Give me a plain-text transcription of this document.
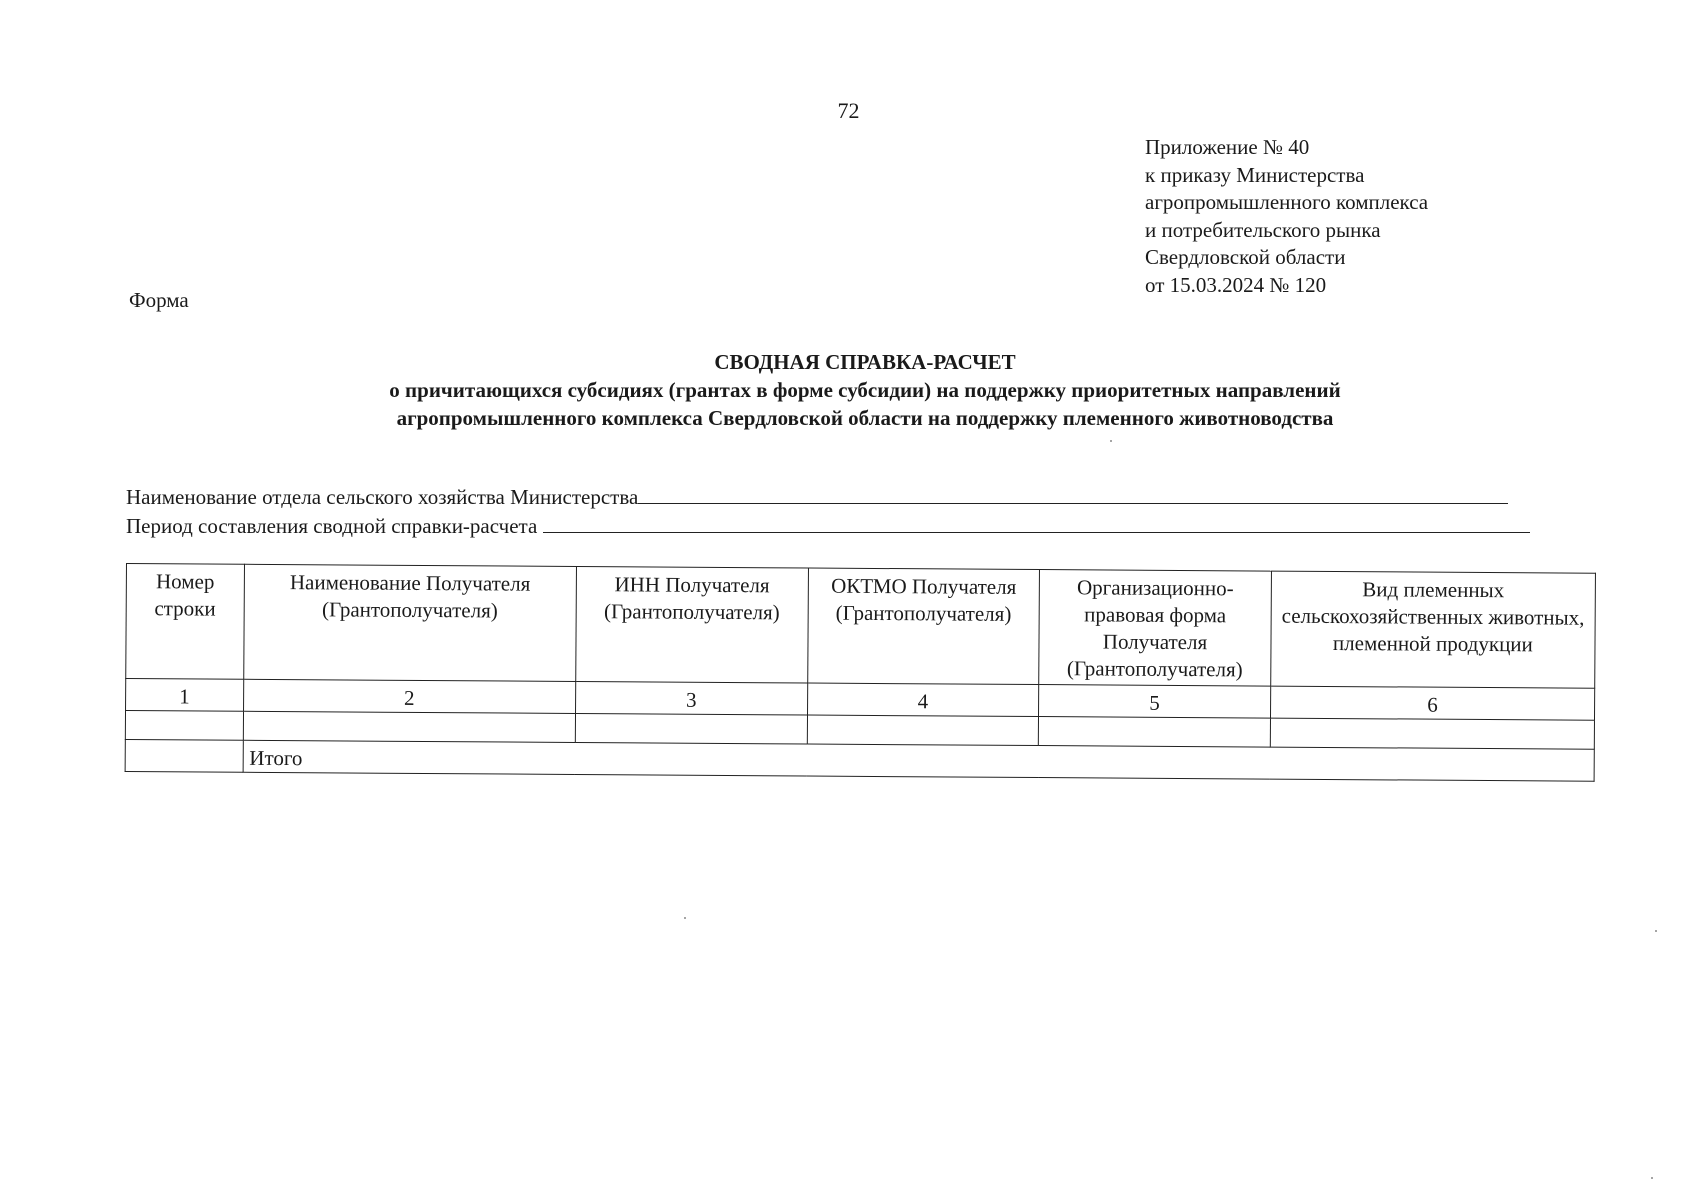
72
Приложение № 40
к приказу Министерства
агропромышленного комплекса
и потребительского рынка
Свердловской области
от 15.03.2024 № 120
Форма
СВОДНАЯ СПРАВКА-РАСЧЕТ
о причитающихся субсидиях (грантах в форме субсидии) на поддержку приоритетных направлений
агропромышленного комплекса Свердловской области на поддержку племенного животноводства
Наименование отдела сельского хозяйства Министерства
Период составления сводной справки-расчета
Номер строки	Наименование Получателя (Грантополучателя)	ИНН Получателя (Грантополучателя)	ОКТМО Получателя (Грантополучателя)	Организационно-правовая форма Получателя (Грантополучателя)	Вид племенных сельскохозяйственных животных, племенной продукции
1	2	3	4	5	6

	Итого				
